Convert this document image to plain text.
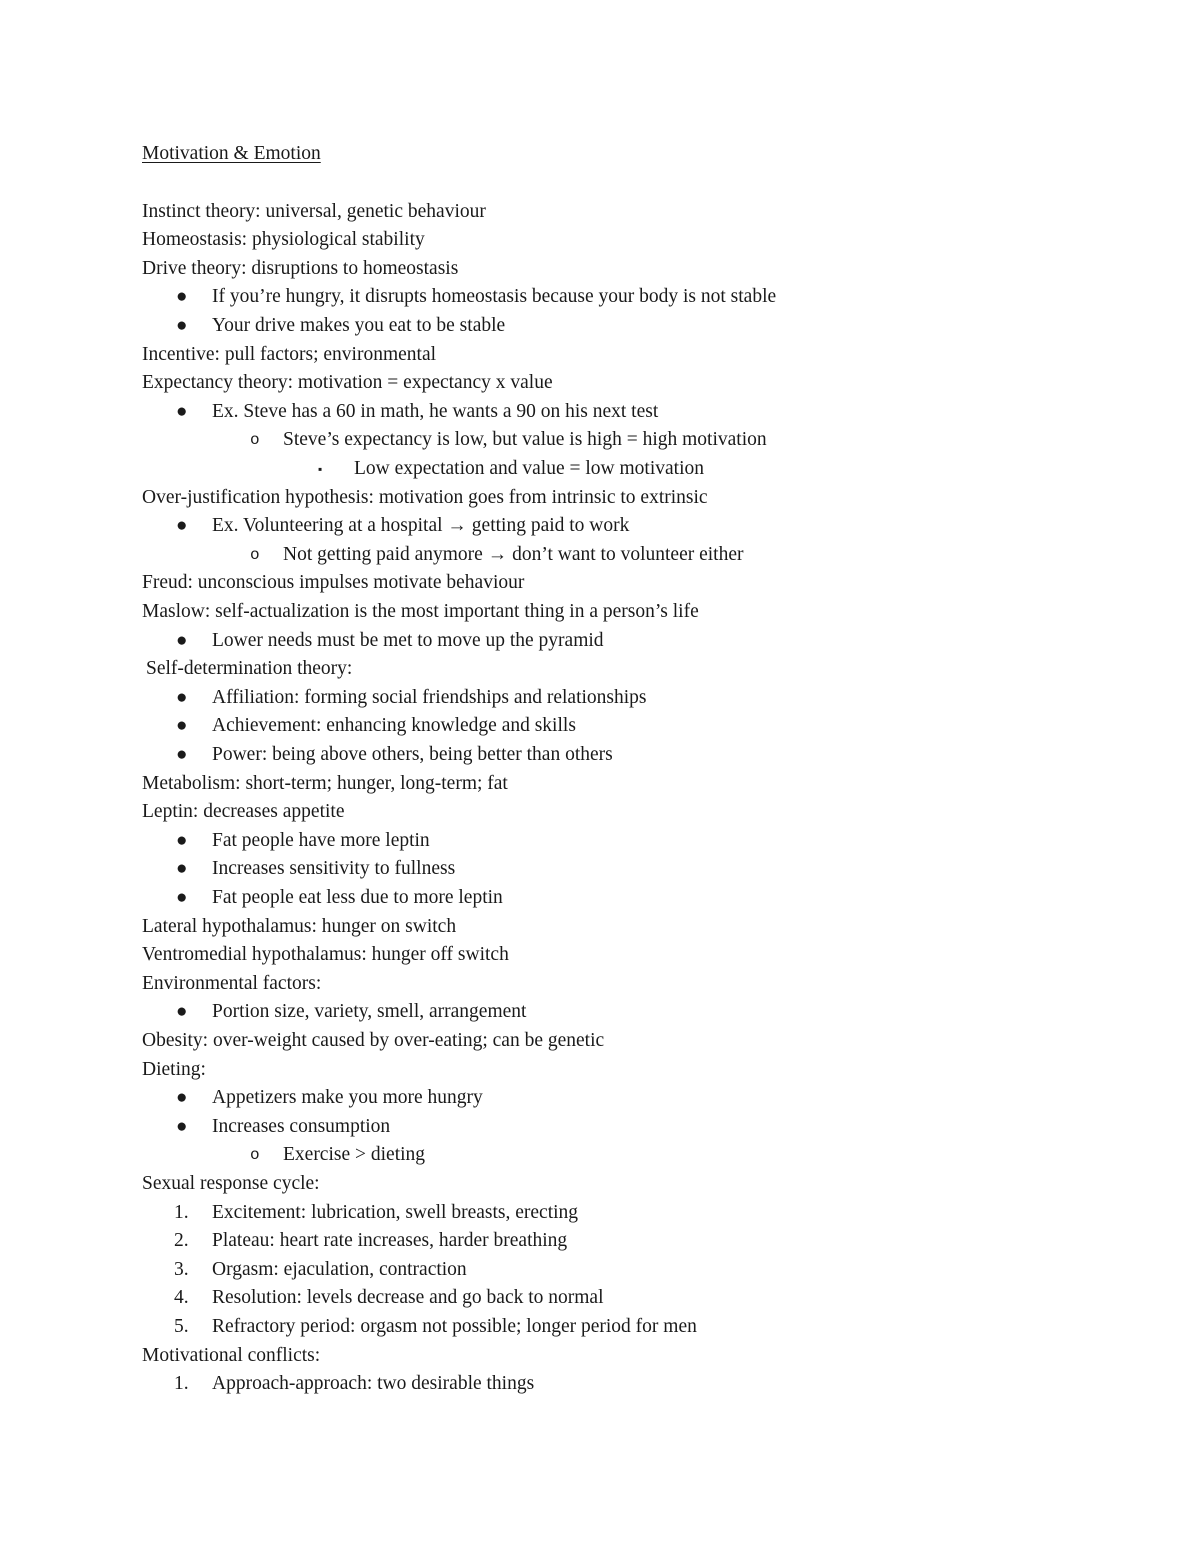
Motivation & Emotion
Instinct theory: universal, genetic behaviour
Homeostasis: physiological stability
Drive theory: disruptions to homeostasis
● If you’re hungry, it disrupts homeostasis because your body is not stable
● Your drive makes you eat to be stable
Incentive: pull factors; environmental
Expectancy theory: motivation = expectancy x value
● Ex. Steve has a 60 in math, he wants a 90 on his next test
o Steve’s expectancy is low, but value is high = high motivation
▪ Low expectation and value = low motivation
Over-justification hypothesis: motivation goes from intrinsic to extrinsic
● Ex. Volunteering at a hospital → getting paid to work
o Not getting paid anymore → don’t want to volunteer either
Freud: unconscious impulses motivate behaviour
Maslow: self-actualization is the most important thing in a person’s life
● Lower needs must be met to move up the pyramid
Self-determination theory:
● Affiliation: forming social friendships and relationships
● Achievement: enhancing knowledge and skills
● Power: being above others, being better than others
Metabolism: short-term; hunger, long-term; fat
Leptin: decreases appetite
● Fat people have more leptin
● Increases sensitivity to fullness
● Fat people eat less due to more leptin
Lateral hypothalamus: hunger on switch
Ventromedial hypothalamus: hunger off switch
Environmental factors:
● Portion size, variety, smell, arrangement
Obesity: over-weight caused by over-eating; can be genetic
Dieting:
● Appetizers make you more hungry
● Increases consumption
o Exercise > dieting
Sexual response cycle:
1. Excitement: lubrication, swell breasts, erecting
2. Plateau: heart rate increases, harder breathing
3. Orgasm: ejaculation, contraction
4. Resolution: levels decrease and go back to normal
5. Refractory period: orgasm not possible; longer period for men
Motivational conflicts:
1. Approach-approach: two desirable things
